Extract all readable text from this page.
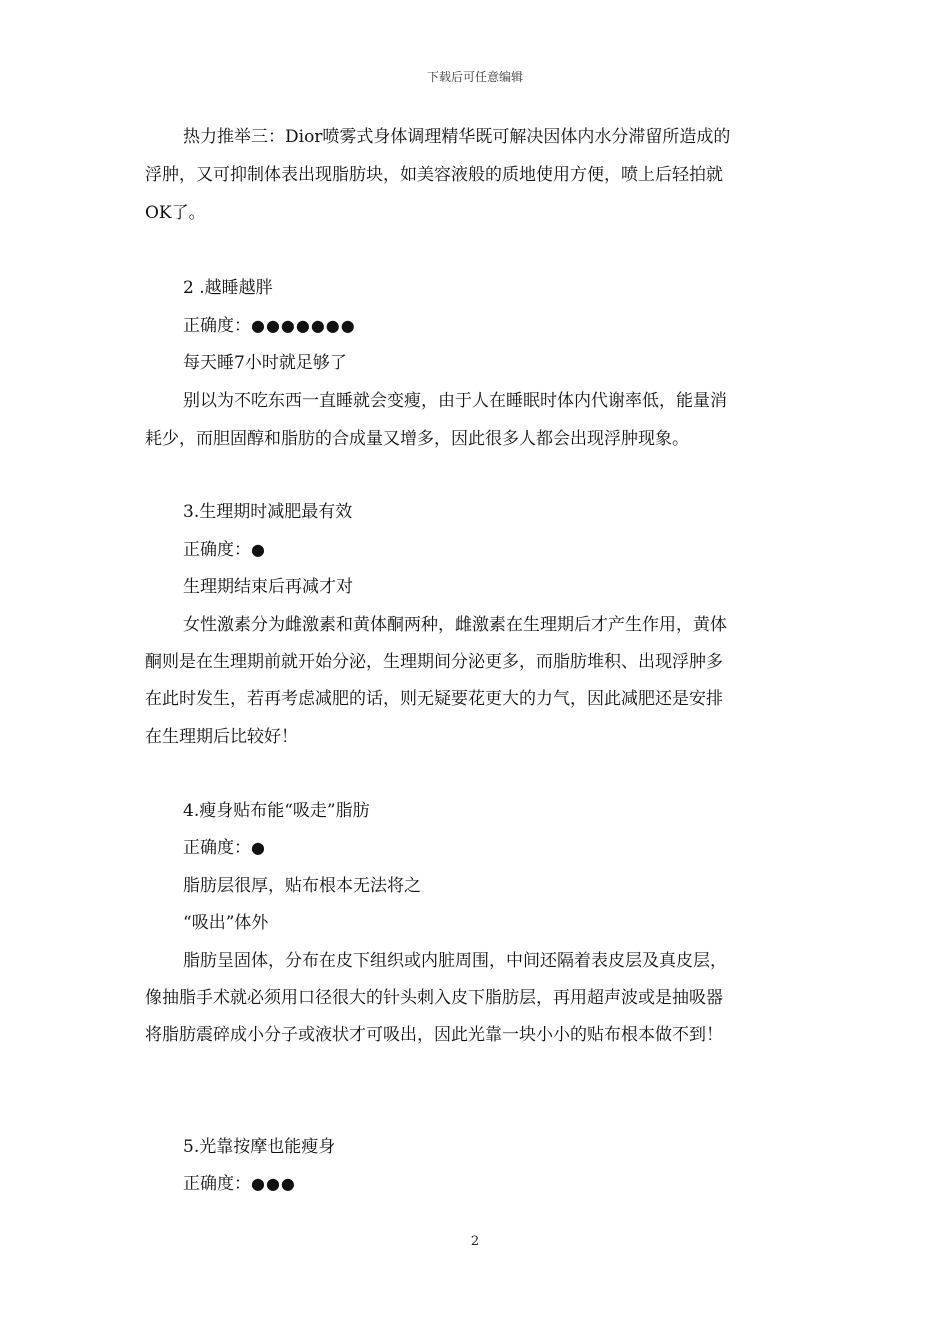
下载后可任意编辑
热力推举三：Dior喷雾式身体调理精华既可解决因体内水分滞留所造成的
浮肿，又可抑制体表出现脂肪块，如美容液般的质地使用方便，喷上后轻拍就
OK了。
2 .越睡越胖
正确度：●●●●●●●
每天睡7小时就足够了
别以为不吃东西一直睡就会变瘦，由于人在睡眠时体内代谢率低，能量消
耗少，而胆固醇和脂肪的合成量又增多，因此很多人都会出现浮肿现象。
3.生理期时减肥最有效
正确度：●
生理期结束后再减才对
女性激素分为雌激素和黄体酮两种，雌激素在生理期后才产生作用，黄体
酮则是在生理期前就开始分泌，生理期间分泌更多，而脂肪堆积、出现浮肿多
在此时发生，若再考虑减肥的话，则无疑要花更大的力气，因此减肥还是安排
在生理期后比较好！
4.瘦身贴布能“吸走”脂肪
正确度：●
脂肪层很厚，贴布根本无法将之
“吸出”体外
脂肪呈固体，分布在皮下组织或内脏周围，中间还隔着表皮层及真皮层，
像抽脂手术就必须用口径很大的针头刺入皮下脂肪层，再用超声波或是抽吸器
将脂肪震碎成小分子或液状才可吸出，因此光靠一块小小的贴布根本做不到！
5.光靠按摩也能瘦身
正确度：●●●
2
